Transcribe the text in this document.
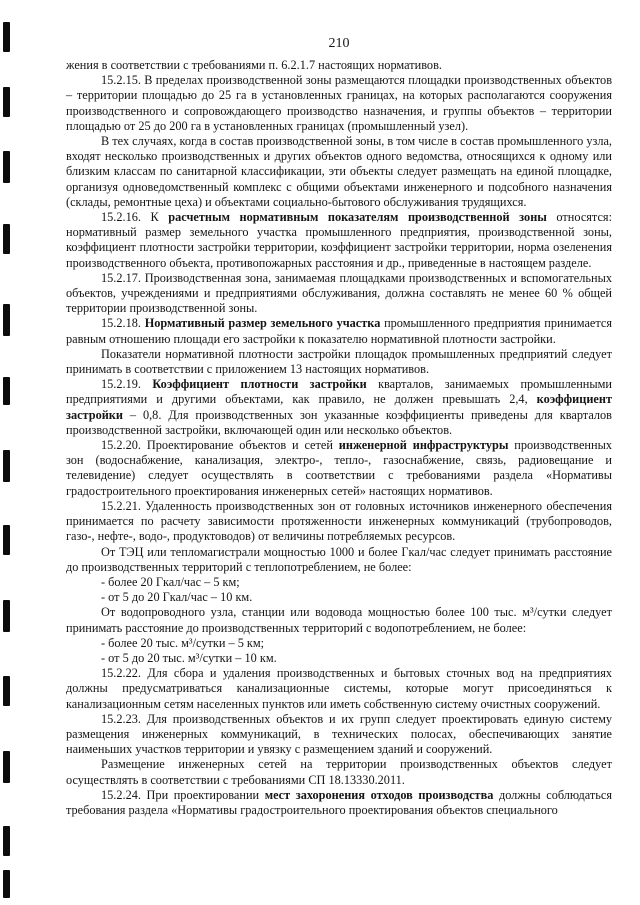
210

жения в соответствии с требованиями п. 6.2.1.7 настоящих нормативов.

15.2.15. В пределах производственной зоны размещаются площадки производственных объектов – территории площадью до 25 га в установленных границах, на которых располагаются сооружения производственного и сопровождающего производство назначения, и группы объектов – территории площадью от 25 до 200 га в установленных границах (промышленный узел).

В тех случаях, когда в состав производственной зоны, в том числе в состав промышленного узла, входят несколько производственных и других объектов одного ведомства, относящихся к одному или близким классам по санитарной классификации, эти объекты следует размещать на единой площадке, организуя одноведомственный комплекс с общими объектами инженерного и подсобного назначения (склады, ремонтные цеха) и объектами социально-бытового обслуживания трудящихся.

15.2.16. К расчетным нормативным показателям производственной зоны относятся: нормативный размер земельного участка промышленного предприятия, производственной зоны, коэффициент плотности застройки территории, коэффициент застройки территории, норма озеленения производственного объекта, противопожарных расстояния и др., приведенные в настоящем разделе.

15.2.17. Производственная зона, занимаемая площадками производственных и вспомогательных объектов, учреждениями и предприятиями обслуживания, должна составлять не менее 60 % общей территории производственной зоны.

15.2.18. Нормативный размер земельного участка промышленного предприятия принимается равным отношению площади его застройки к показателю нормативной плотности застройки.

Показатели нормативной плотности застройки площадок промышленных предприятий следует принимать в соответствии с приложением 13 настоящих нормативов.

15.2.19. Коэффициент плотности застройки кварталов, занимаемых промышленными предприятиями и другими объектами, как правило, не должен превышать 2,4, коэффициент застройки – 0,8. Для производственных зон указанные коэффициенты приведены для кварталов производственной застройки, включающей один или несколько объектов.

15.2.20. Проектирование объектов и сетей инженерной инфраструктуры производственных зон (водоснабжение, канализация, электро-, тепло-, газоснабжение, связь, радиовещание и телевидение) следует осуществлять в соответствии с требованиями раздела «Нормативы градостроительного проектирования инженерных сетей» настоящих нормативов.

15.2.21. Удаленность производственных зон от головных источников инженерного обеспечения принимается по расчету зависимости протяженности инженерных коммуникаций (трубопроводов, газо-, нефте-, водо-, продуктоводов) от величины потребляемых ресурсов.

От ТЭЦ или тепломагистрали мощностью 1000 и более Гкал/час следует принимать расстояние до производственных территорий с теплопотреблением, не более:

- более 20 Гкал/час – 5 км;

- от 5 до 20 Гкал/час – 10 км.

От водопроводного узла, станции или водовода мощностью более 100 тыс. м³/сутки следует принимать расстояние до производственных территорий с водопотреблением, не более:

- более 20 тыс. м³/сутки – 5 км;

- от 5 до 20 тыс. м³/сутки – 10 км.

15.2.22. Для сбора и удаления производственных и бытовых сточных вод на предприятиях должны предусматриваться канализационные системы, которые могут присоединяться к канализационным сетям населенных пунктов или иметь собственную систему очистных сооружений.

15.2.23. Для производственных объектов и их групп следует проектировать единую систему размещения инженерных коммуникаций, в технических полосах, обеспечивающих занятие наименьших участков территории и увязку с размещением зданий и сооружений.

Размещение инженерных сетей на территории производственных объектов следует осуществлять в соответствии с требованиями СП 18.13330.2011.

15.2.24. При проектировании мест захоронения отходов производства должны соблюдаться требования раздела «Нормативы градостроительного проектирования объектов специального
